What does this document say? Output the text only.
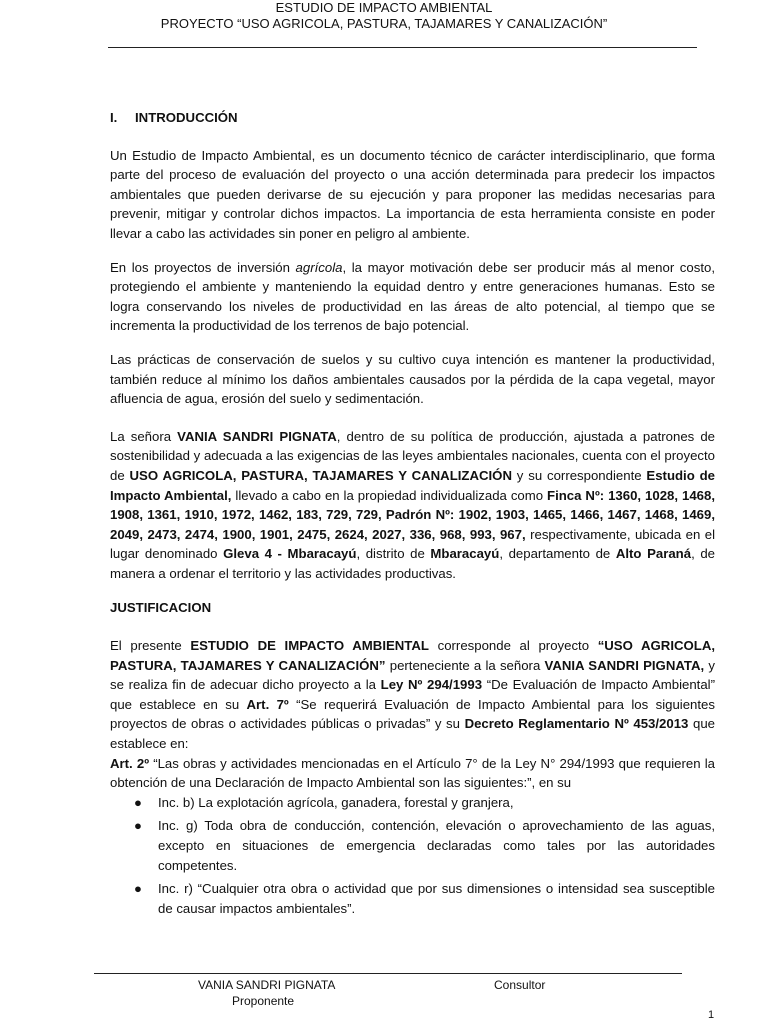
ESTUDIO DE IMPACTO AMBIENTAL
PROYECTO “USO AGRICOLA, PASTURA, TAJAMARES Y CANALIZACIÓN”

I. INTRODUCCIÓN

Un Estudio de Impacto Ambiental, es un documento técnico de carácter interdisciplinario, que forma parte del proceso de evaluación del proyecto o una acción determinada para predecir los impactos ambientales que pueden derivarse de su ejecución y para proponer las medidas necesarias para prevenir, mitigar y controlar dichos impactos. La importancia de esta herramienta consiste en poder llevar a cabo las actividades sin poner en peligro al ambiente.

En los proyectos de inversión agrícola, la mayor motivación debe ser producir más al menor costo, protegiendo el ambiente y manteniendo la equidad dentro y entre generaciones humanas. Esto se logra conservando los niveles de productividad en las áreas de alto potencial, al tiempo que se incrementa la productividad de los terrenos de bajo potencial.

Las prácticas de conservación de suelos y su cultivo cuya intención es mantener la productividad, también reduce al mínimo los daños ambientales causados por la pérdida de la capa vegetal, mayor afluencia de agua, erosión del suelo y sedimentación.

La señora VANIA SANDRI PIGNATA, dentro de su política de producción, ajustada a patrones de sostenibilidad y adecuada a las exigencias de las leyes ambientales nacionales, cuenta con el proyecto de USO AGRICOLA, PASTURA, TAJAMARES Y CANALIZACIÓN y su correspondiente Estudio de Impacto Ambiental, llevado a cabo en la propiedad individualizada como Finca Nº: 1360, 1028, 1468, 1908, 1361, 1910, 1972, 1462, 183, 729, 729, Padrón Nº: 1902, 1903, 1465, 1466, 1467, 1468, 1469, 2049, 2473, 2474, 1900, 1901, 2475, 2624, 2027, 336, 968, 993, 967, respectivamente, ubicada en el lugar denominado Gleva 4 - Mbaracayú, distrito de Mbaracayú, departamento de Alto Paraná, de manera a ordenar el territorio y las actividades productivas.

JUSTIFICACION

El presente ESTUDIO DE IMPACTO AMBIENTAL corresponde al proyecto “USO AGRICOLA, PASTURA, TAJAMARES Y CANALIZACIÓN” perteneciente a la señora VANIA SANDRI PIGNATA, y se realiza fin de adecuar dicho proyecto a la Ley Nº 294/1993 “De Evaluación de Impacto Ambiental” que establece en su Art. 7º “Se requerirá Evaluación de Impacto Ambiental para los siguientes proyectos de obras o actividades públicas o privadas” y su Decreto Reglamentario Nº 453/2013 que establece en:

Art. 2º “Las obras y actividades mencionadas en el Artículo 7° de la Ley N° 294/1993 que requieren la obtención de una Declaración de Impacto Ambiental son las siguientes:”, en su

● Inc. b) La explotación agrícola, ganadera, forestal y granjera,
● Inc. g) Toda obra de conducción, contención, elevación o aprovechamiento de las aguas, excepto en situaciones de emergencia declaradas como tales por las autoridades competentes.
● Inc. r) “Cualquier otra obra o actividad que por sus dimensiones o intensidad sea susceptible de causar impactos ambientales”.
VANIA SANDRI PIGNATA
Proponente
Consultor
1
